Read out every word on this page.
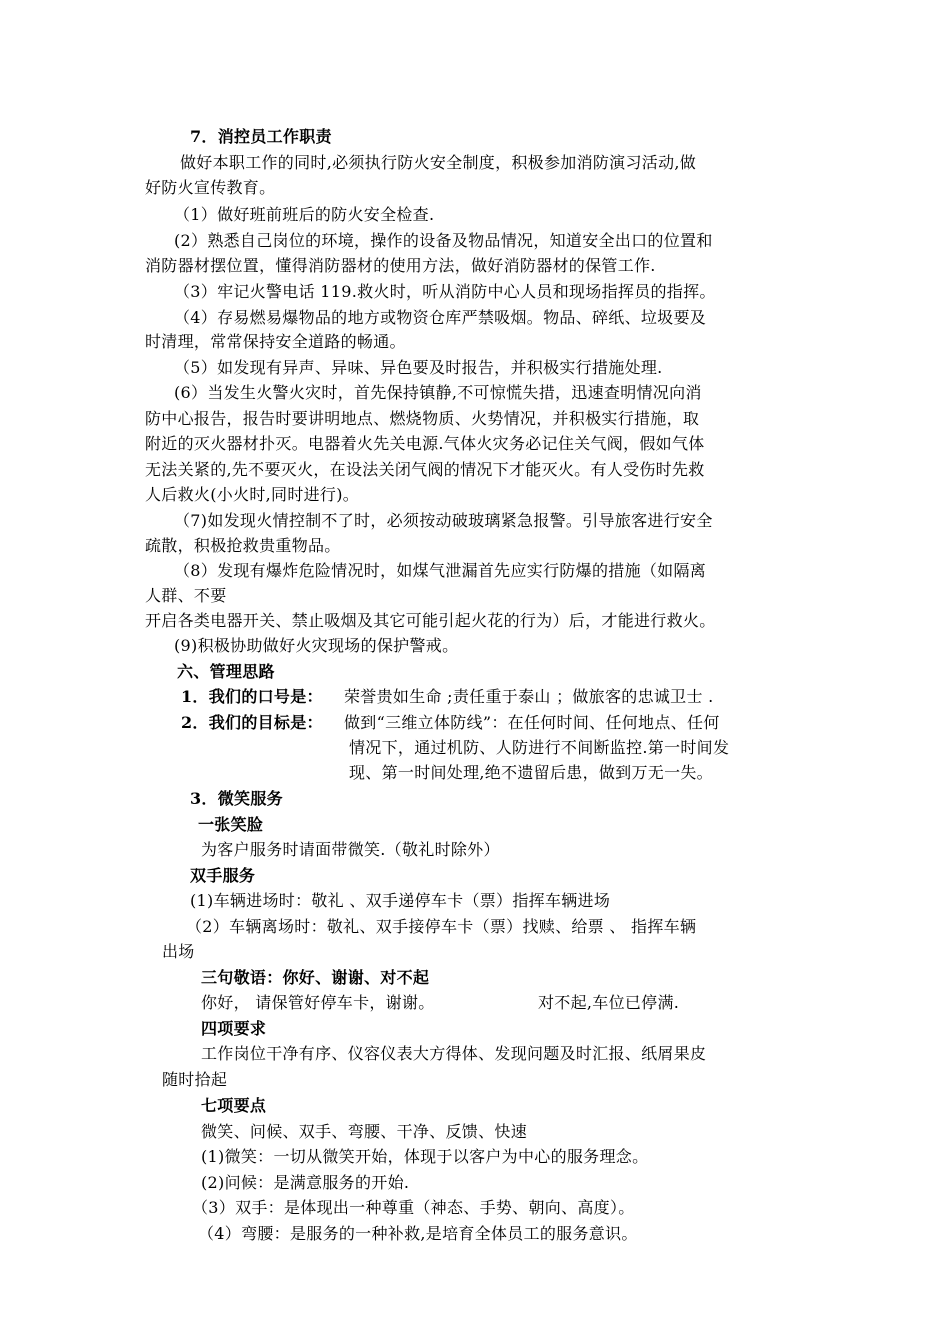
7．消控员工作职责
做好本职工作的同时,必须执行防火安全制度，积极参加消防演习活动,做
好防火宣传教育。
（1）做好班前班后的防火安全检查.
(2）熟悉自己岗位的环境，操作的设备及物品情况，知道安全出口的位置和
消防器材摆位置，懂得消防器材的使用方法，做好消防器材的保管工作.
（3）牢记火警电话 119.救火时，听从消防中心人员和现场指挥员的指挥。
（4）存易燃易爆物品的地方或物资仓库严禁吸烟。物品、碎纸、垃圾要及
时清理，常常保持安全道路的畅通。
（5）如发现有异声、异味、异色要及时报告，并积极实行措施处理.
(6）当发生火警火灾时，首先保持镇静,不可惊慌失措，迅速查明情况向消
防中心报告，报告时要讲明地点、燃烧物质、火势情况，并积极实行措施，取
附近的灭火器材扑灭。电器着火先关电源.气体火灾务必记住关气阀，假如气体
无法关紧的,先不要灭火，在设法关闭气阀的情况下才能灭火。有人受伤时先救
人后救火(小火时,同时进行)。
（7)如发现火情控制不了时，必须按动破玻璃紧急报警。引导旅客进行安全
疏散，积极抢救贵重物品。
（8）发现有爆炸危险情况时，如煤气泄漏首先应实行防爆的措施（如隔离
人群、不要
开启各类电器开关、禁止吸烟及其它可能引起火花的行为）后，才能进行救火。
(9)积极协助做好火灾现场的保护警戒。
六、管理思路
1．我们的口号是： 荣誉贵如生命 ;责任重于泰山 ；做旅客的忠诚卫士 .
2．我们的目标是： 做到“三维立体防线”：在任何时间、任何地点、任何
情况下，通过机防、人防进行不间断监控.第一时间发
现、第一时间处理,绝不遗留后患，做到万无一失。
3．微笑服务
一张笑脸
为客户服务时请面带微笑.（敬礼时除外）
双手服务
(1)车辆进场时：敬礼 、双手递停车卡（票）指挥车辆进场
（2）车辆离场时：敬礼、双手接停车卡（票）找赎、给票 、 指挥车辆
出场
三句敬语：你好、谢谢、对不起
你好， 请保管好停车卡，谢谢。	对不起,车位已停满.
四项要求
工作岗位干净有序、仪容仪表大方得体、发现问题及时汇报、纸屑果皮
随时拾起
七项要点
微笑、问候、双手、弯腰、干净、反馈、快速
(1)微笑：一切从微笑开始，体现于以客户为中心的服务理念。
(2)问候：是满意服务的开始.
（3）双手：是体现出一种尊重（神态、手势、朝向、高度）。
（4）弯腰：是服务的一种补救,是培育全体员工的服务意识。
